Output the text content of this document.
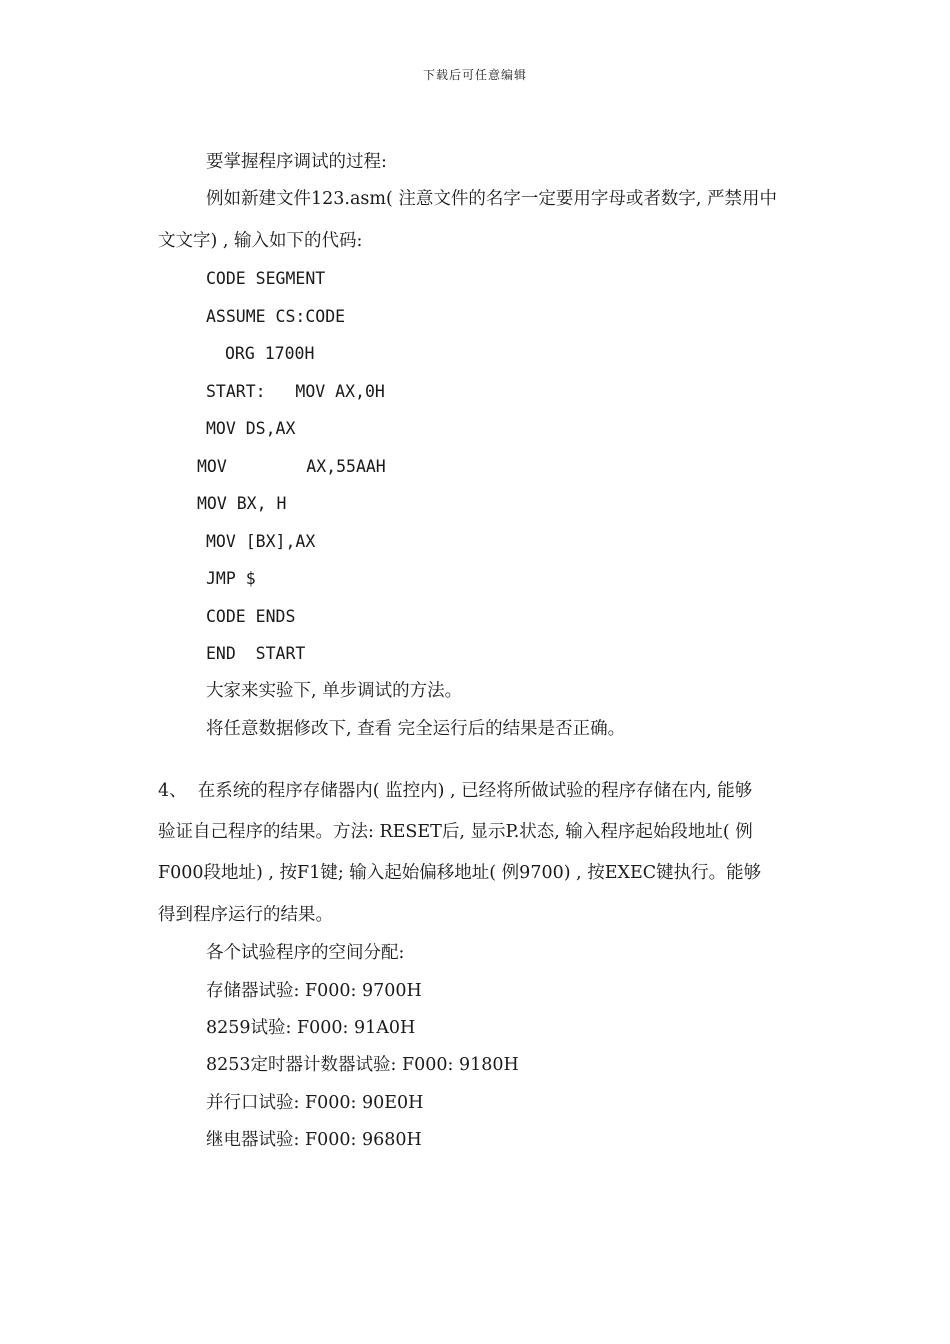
下载后可任意编辑
要掌握程序调试的过程:
例如新建文件123.asm( 注意文件的名字一定要用字母或者数字, 严禁用中
文文字) , 输入如下的代码:
CODE SEGMENT
ASSUME CS:CODE
ORG 1700H
START:   MOV AX,0H
MOV DS,AX
MOV        AX,55AAH
MOV BX, H
MOV [BX],AX
JMP $
CODE ENDS
END  START
大家来实验下, 单步调试的方法。
将任意数据修改下, 查看 完全运行后的结果是否正确。
4、  在系统的程序存储器内( 监控内) , 已经将所做试验的程序存储在内, 能够
验证自己程序的结果。方法: RESET后, 显示P.状态, 输入程序起始段地址( 例
F000段地址) , 按F1键; 输入起始偏移地址( 例9700) , 按EXEC键执行。能够
得到程序运行的结果。
各个试验程序的空间分配:
存储器试验: F000: 9700H
8259试验: F000: 91A0H
8253定时器计数器试验: F000: 9180H
并行口试验: F000: 90E0H
继电器试验: F000: 9680H
